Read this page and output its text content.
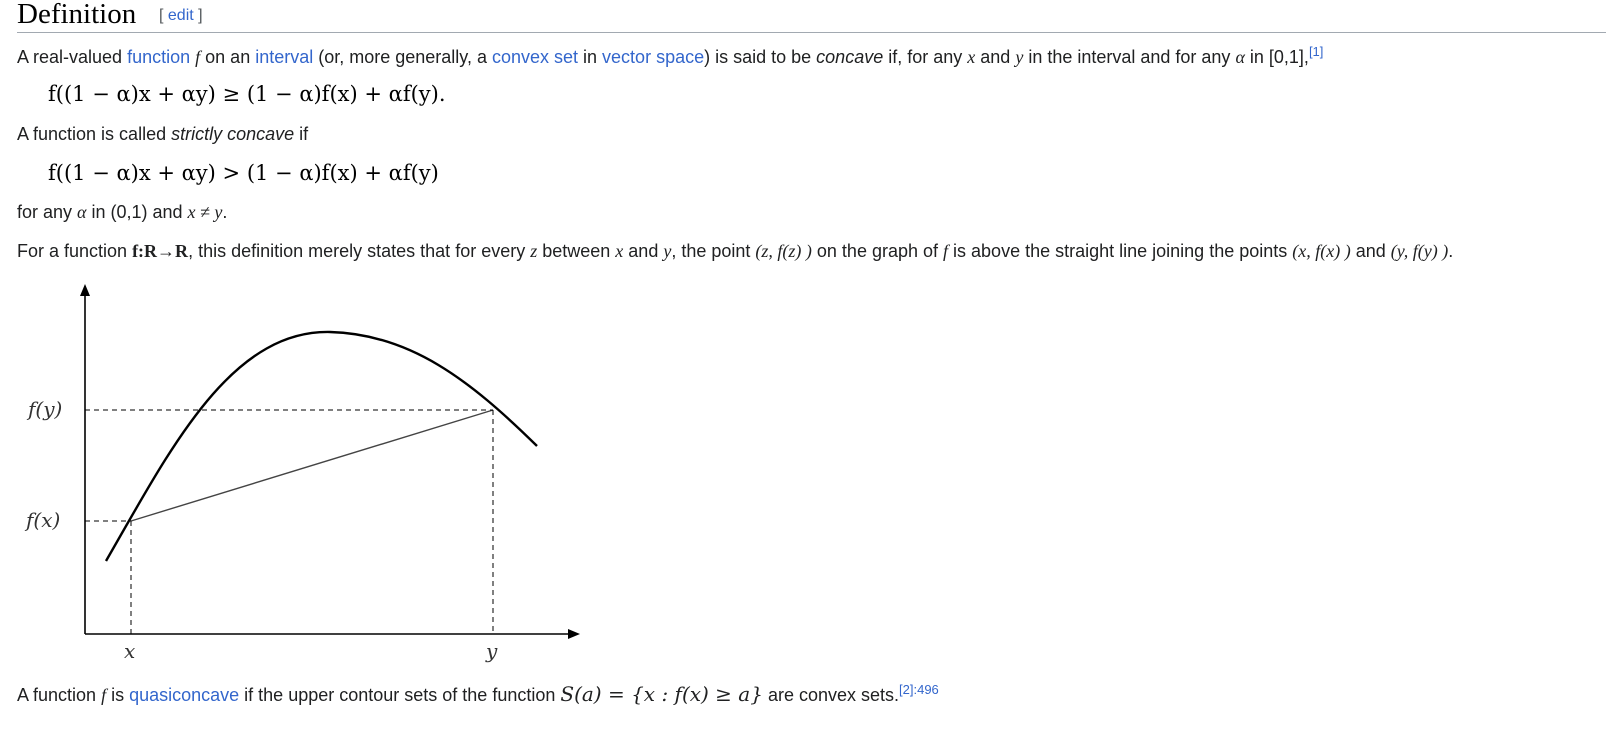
Definition [ edit ]
A real-valued function f on an interval (or, more generally, a convex set in vector space) is said to be concave if, for any x and y in the interval and for any α in [0,1],[1]
f((1 − α)x + αy) ≥ (1 − α)f(x) + αf(y).
A function is called strictly concave if
f((1 − α)x + αy) > (1 − α)f(x) + αf(y)
for any α in (0,1) and x ≠ y.
For a function f:R→R, this definition merely states that for every z between x and y, the point (z, f(z) ) on the graph of f is above the straight line joining the points (x, f(x) ) and (y, f(y) ).
f(y)
f(x)
x	y
A function f is quasiconcave if the upper contour sets of the function S(a) = {x : f(x) ≥ a} are convex sets.$^{[2]:496}$
